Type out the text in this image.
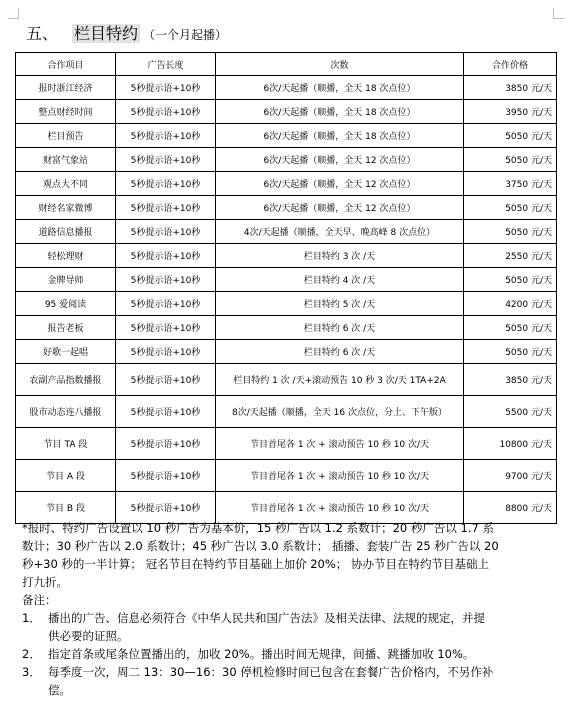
五、 栏目特约 （一个月起播）
合作项目	广告长度	次数	合作价格
报时浙江经济	5秒提示语+10秒	6次/天起播（顺播，全天 18 次点位）	3850 元/天
整点财经时间	5秒提示语+10秒	6次/天起播（顺播，全天 18 次点位）	3950 元/天
栏目预告	5秒提示语+10秒	6次/天起播（顺播，全天 18 次点位）	5050 元/天
财富气象站	5秒提示语+10秒	6次/天起播（顺播，全天 12 次点位）	5050 元/天
观点大不同	5秒提示语+10秒	6次/天起播（顺播，全天 12 次点位）	3750 元/天
财经名家微博	5秒提示语+10秒	6次/天起播（顺播，全天 12 次点位）	5050 元/天
道路信息播报	5秒提示语+10秒	4次/天起播（顺播，全天早、晚高峰 8 次点位）	5050 元/天
轻松理财	5秒提示语+10秒	栏目特约 3 次 /天	2550 元/天
金牌导师	5秒提示语+10秒	栏目特约 4 次 /天	5050 元/天
95 爱阅读	5秒提示语+10秒	栏目特约 5 次 /天	4200 元/天
报告老板	5秒提示语+10秒	栏目特约 6 次 /天	5050 元/天
好歌一起唱	5秒提示语+10秒	栏目特约 6 次 /天	5050 元/天
农副产品指数播报	5秒提示语+10秒	栏目特约 1 次 /天+滚动预告 10 秒 3 次/天 1TA+2A	3850 元/天
股市动态连八播报	5秒提示语+10秒	8次/天起播（顺播，全天 16 次点位，分上、下午版）	5500 元/天
节目 TA 段	5秒提示语+10秒	节目首尾各 1 次 + 滚动预告 10 秒 10 次/天	10800 元/天
节目 A 段	5秒提示语+10秒	节目首尾各 1 次 + 滚动预告 10 秒 10 次/天	9700 元/天
节目 B 段	5秒提示语+10秒	节目首尾各 1 次 + 滚动预告 10 秒 10 次/天	8800 元/天

*报时、特约广告设置以 10 秒广告为基本价，15 秒广告以 1.2 系数计；20 秒广告以 1.7 系

数计；30 秒广告以 2.0 系数计；45 秒广告以 3.0 系数计； 插播、套装广告 25 秒广告以 20

秒+30 秒的一半计算； 冠名节目在特约节目基础上加价 20%； 协办节目在特约节目基础上

打九折。

备注：

1． 播出的广告、信息必须符合《中华人民共和国广告法》及相关法律、法规的规定，并提
供必要的证照。
2． 指定首条或尾条位置播出的，加收 20%。播出时间无规律，间播、跳播加收 10%。
3． 每季度一次，周二 13：30—16：30 停机检修时间已包含在套餐广告价格内，不另作补
偿。
